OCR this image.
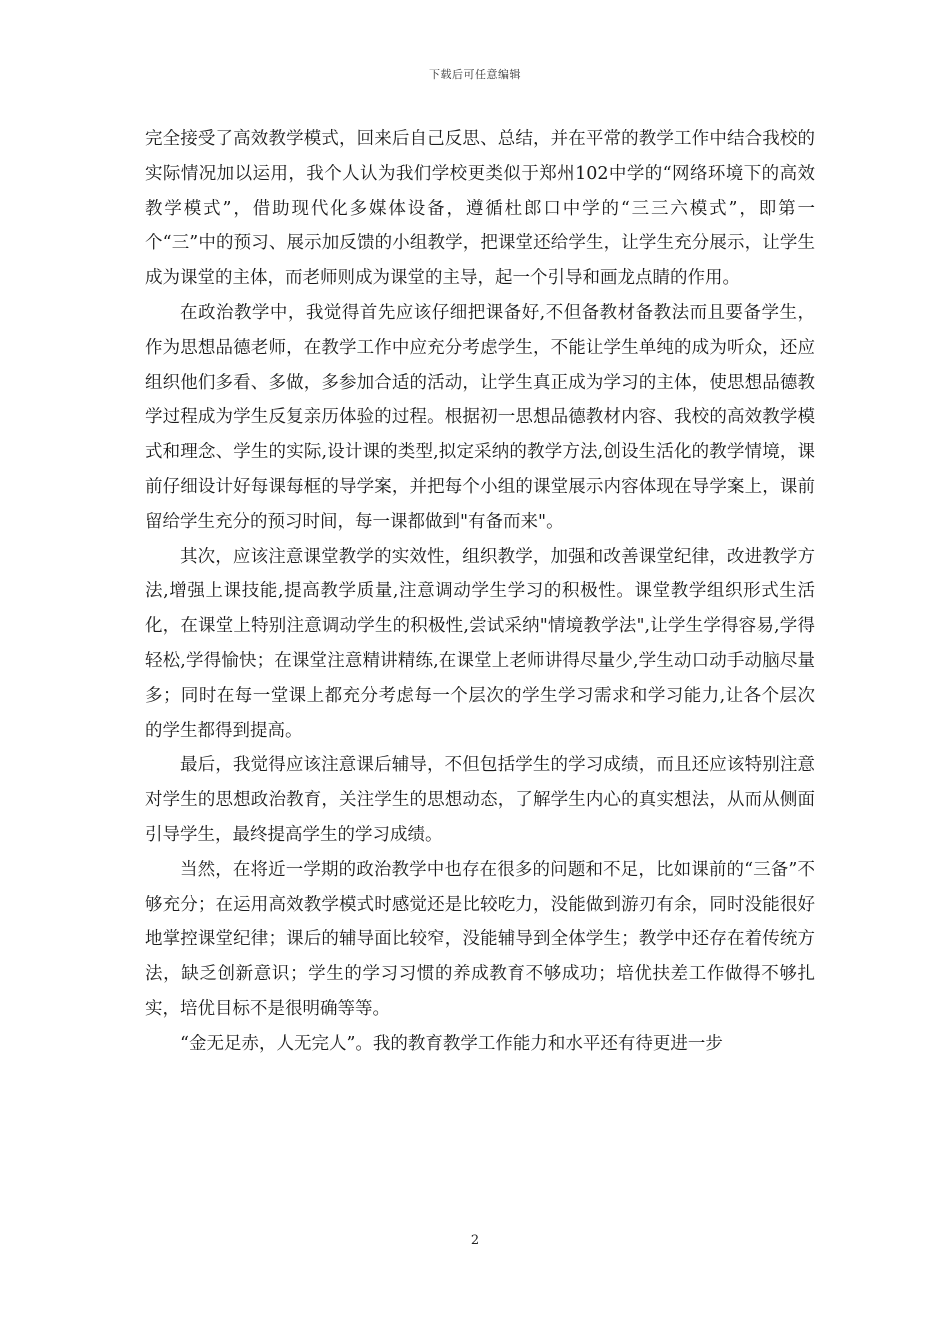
下载后可任意编辑

完全接受了高效教学模式，回来后自己反思、总结，并在平常的教学工作中结合我校的实际情况加以运用，我个人认为我们学校更类似于郑州102中学的“网络环境下的高效教学模式”，借助现代化多媒体设备，遵循杜郎口中学的“三三六模式”，即第一个“三”中的预习、展示加反馈的小组教学，把课堂还给学生，让学生充分展示，让学生成为课堂的主体，而老师则成为课堂的主导，起一个引导和画龙点睛的作用。

在政治教学中，我觉得首先应该仔细把课备好,不但备教材备教法而且要备学生，作为思想品德老师，在教学工作中应充分考虑学生，不能让学生单纯的成为听众，还应组织他们多看、多做，多参加合适的活动，让学生真正成为学习的主体，使思想品德教学过程成为学生反复亲历体验的过程。根据初一思想品德教材内容、我校的高效教学模式和理念、学生的实际,设计课的类型,拟定采纳的教学方法,创设生活化的教学情境，课前仔细设计好每课每框的导学案，并把每个小组的课堂展示内容体现在导学案上，课前留给学生充分的预习时间，每一课都做到"有备而来"。

其次，应该注意课堂教学的实效性，组织教学，加强和改善课堂纪律，改进教学方法,增强上课技能,提高教学质量,注意调动学生学习的积极性。课堂教学组织形式生活化，在课堂上特别注意调动学生的积极性,尝试采纳"情境教学法",让学生学得容易,学得轻松,学得愉快；在课堂注意精讲精练,在课堂上老师讲得尽量少,学生动口动手动脑尽量多；同时在每一堂课上都充分考虑每一个层次的学生学习需求和学习能力,让各个层次的学生都得到提高。

最后，我觉得应该注意课后辅导，不但包括学生的学习成绩，而且还应该特别注意对学生的思想政治教育，关注学生的思想动态，了解学生内心的真实想法，从而从侧面引导学生，最终提高学生的学习成绩。

当然，在将近一学期的政治教学中也存在很多的问题和不足，比如课前的“三备”不够充分；在运用高效教学模式时感觉还是比较吃力，没能做到游刃有余，同时没能很好地掌控课堂纪律；课后的辅导面比较窄，没能辅导到全体学生；教学中还存在着传统方法，缺乏创新意识；学生的学习习惯的养成教育不够成功；培优扶差工作做得不够扎实，培优目标不是很明确等等。

“金无足赤，人无完人”。我的教育教学工作能力和水平还有待更进一步

2
